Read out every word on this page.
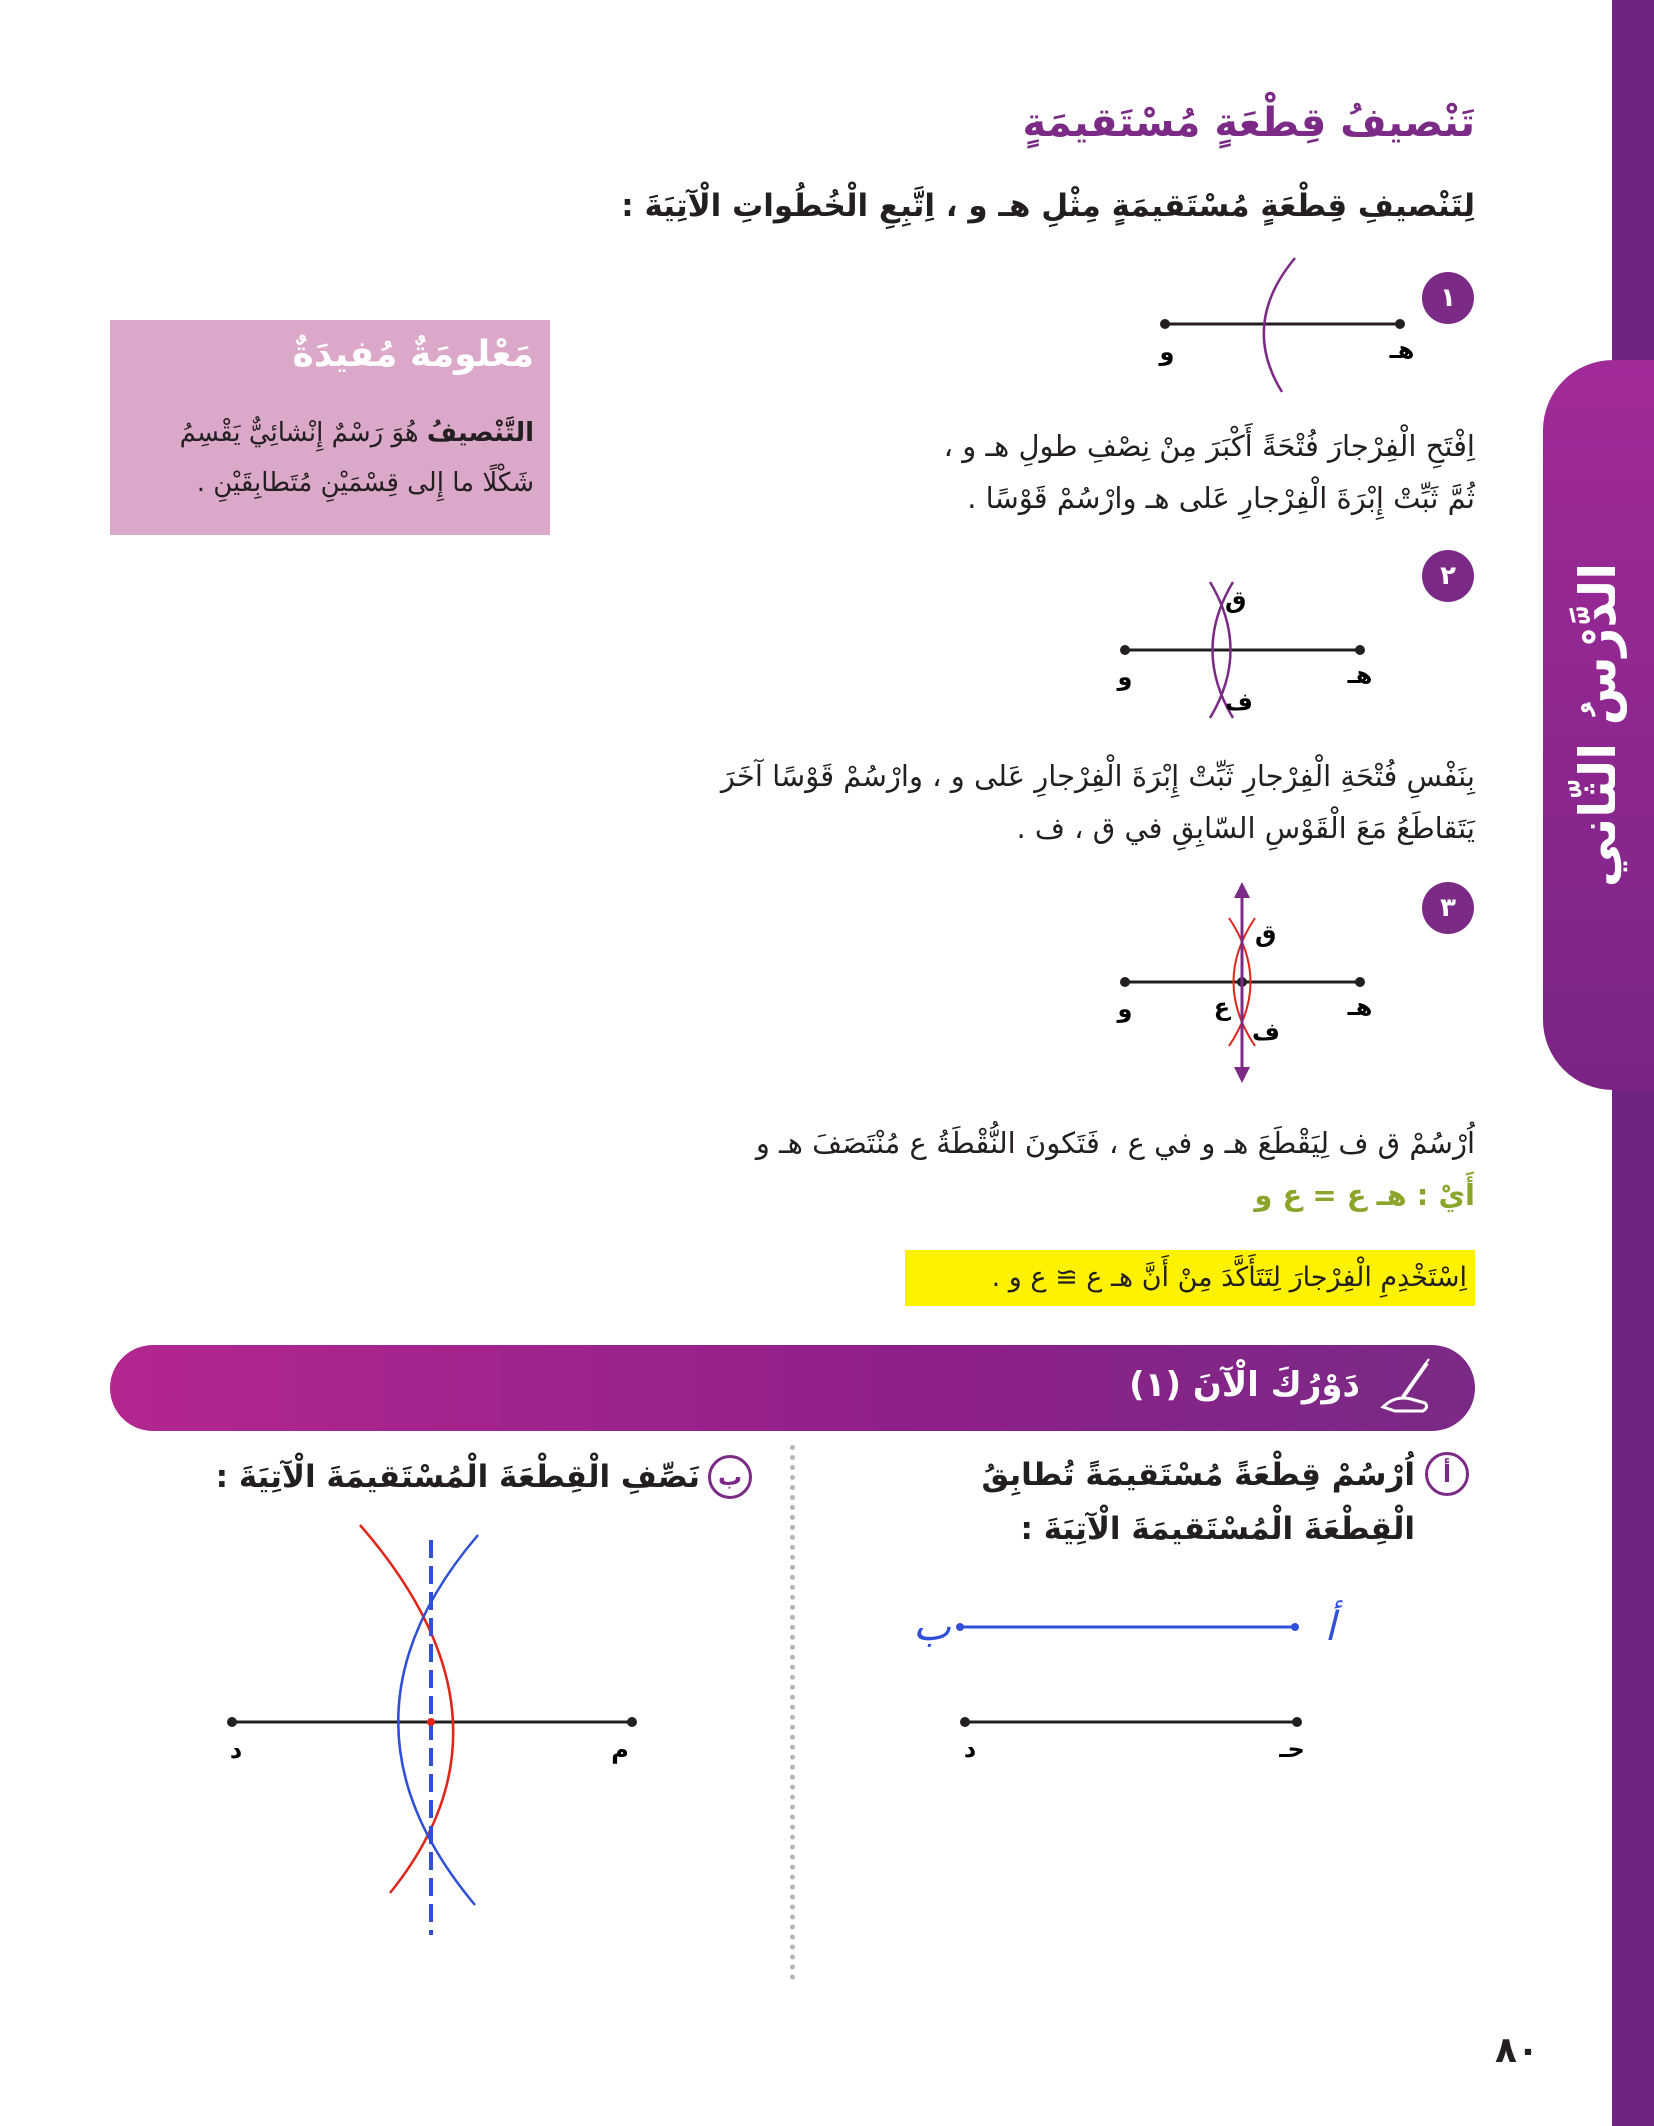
الدَّرْسُ الثّاني
تَنْصيفُ قِطْعَةٍ مُسْتَقيمَةٍ
لِتَنْصيفِ قِطْعَةٍ مُسْتَقيمَةٍ مِثْلِ هـ و ، اِتَّبِعِ الْخُطُواتِ الْآتِيَةَ :
١
و	هـ
اِفْتَحِ الْفِرْجارَ فُتْحَةً أَكْبَرَ مِنْ نِصْفِ طولِ هـ و ،
ثُمَّ ثَبِّتْ إِبْرَةَ الْفِرْجارِ عَلى هـ وارْسُمْ قَوْسًا .
مَعْلومَةٌ مُفيدَةٌ
التَّنْصيفُ هُوَ رَسْمٌ إِنْشائِيٌّ يَقْسِمُ شَكْلًا ما إِلى قِسْمَيْنِ مُتَطابِقَيْنِ .
٢
ق
ف
و	هـ
بِنَفْسِ فُتْحَةِ الْفِرْجارِ ثَبِّتْ إِبْرَةَ الْفِرْجارِ عَلى و ، وارْسُمْ قَوْسًا آخَرَ
يَتَقاطَعُ مَعَ الْقَوْسِ السّابِقِ في ق ، ف .
٣
ق
ف
ع
و	هـ
اُرْسُمْ ق ف لِيَقْطَعَ هـ و في ع ، فَتَكونَ النُّقْطَةُ ع مُنْتَصَفَ هـ و
أَيْ : هـ ع = ع و
اِسْتَخْدِمِ الْفِرْجارَ لِتَتَأَكَّدَ مِنْ أَنَّ هـ ع ≅ ع و .
دَوْرُكَ الْآنَ (١)
أ
اُرْسُمْ قِطْعَةً مُسْتَقيمَةً تُطابِقُ الْقِطْعَةَ الْمُسْتَقيمَةَ الْآتِيَةَ :
ب	أ
د	حـ
ب
نَصِّفِ الْقِطْعَةَ الْمُسْتَقيمَةَ الْآتِيَةَ :
د	م
٨٠
